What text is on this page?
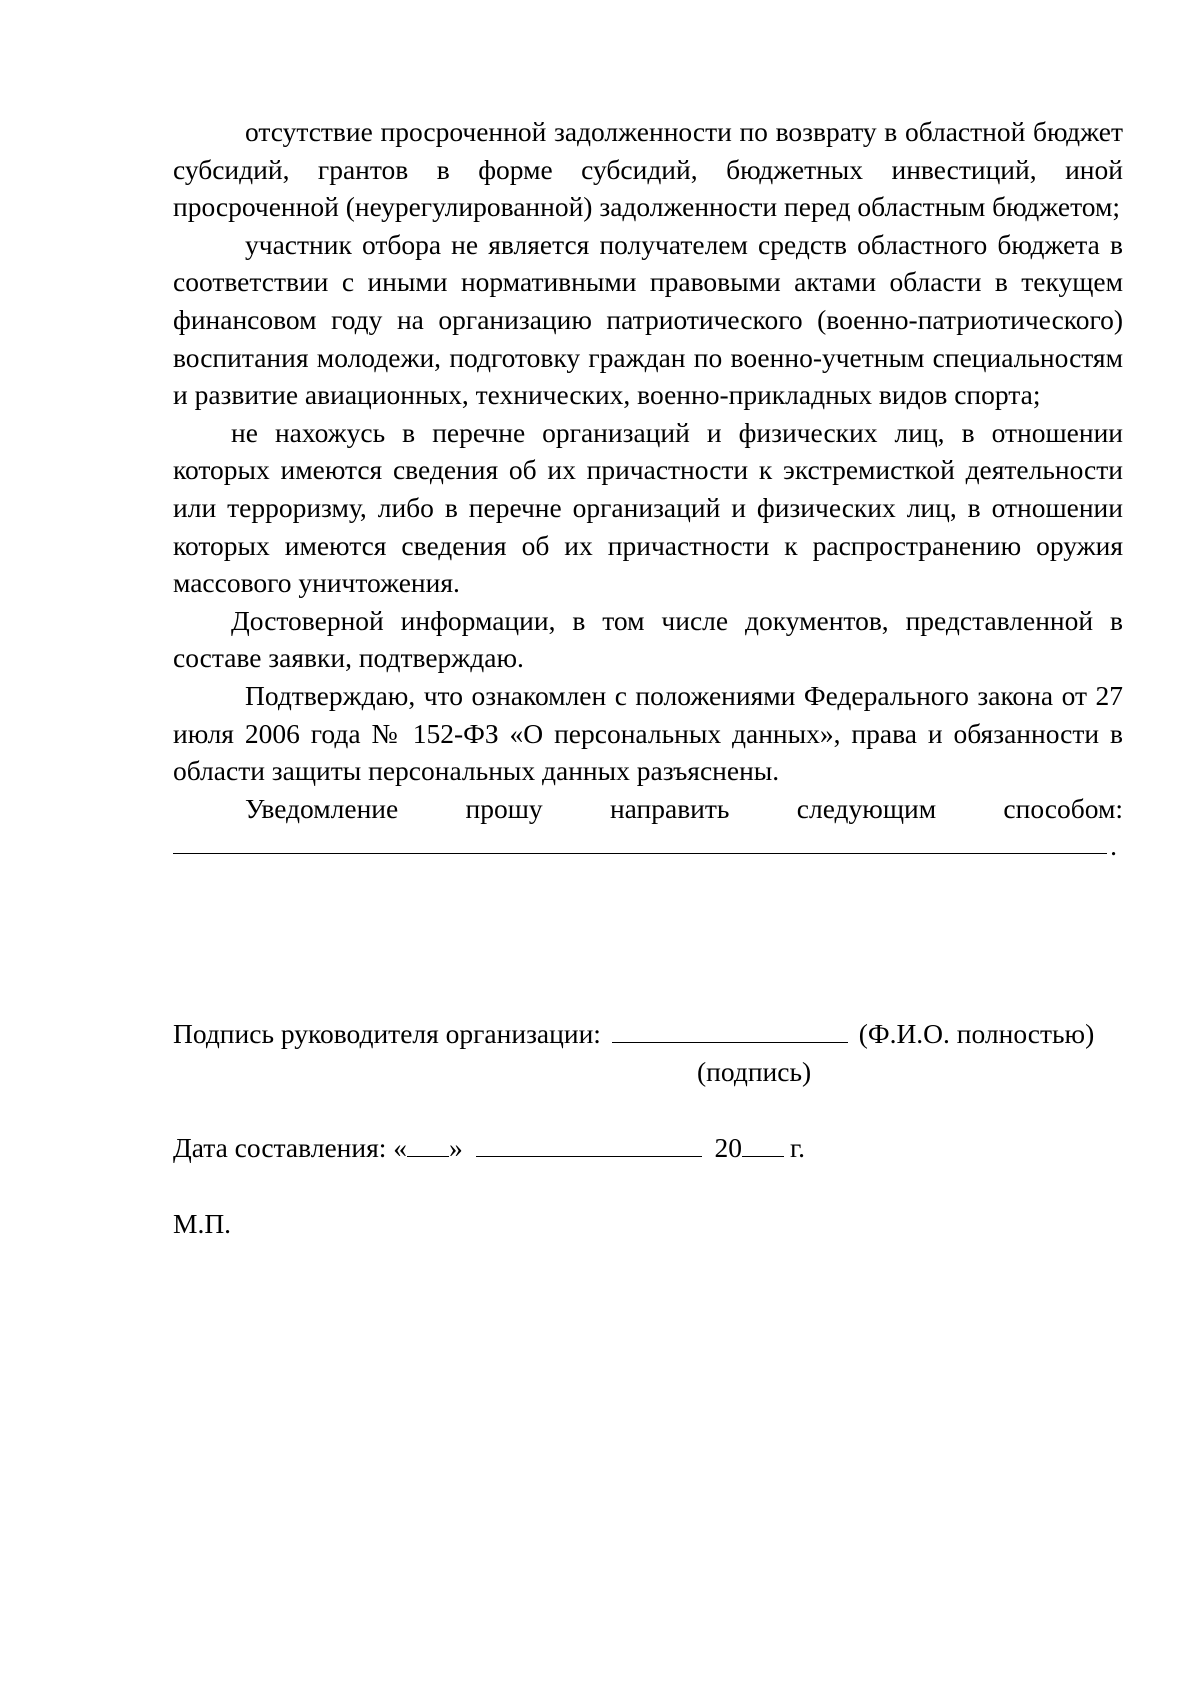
отсутствие просроченной задолженности по возврату в областной бюджет субсидий, грантов в форме субсидий, бюджетных инвестиций, иной просроченной (неурегулированной) задолженности перед областным бюджетом;

участник отбора не является получателем средств областного бюджета в соответствии с иными нормативными правовыми актами области в текущем финансовом году на организацию патриотического (военно-патриотического) воспитания молодежи, подготовку граждан по военно-учетным специальностям и развитие авиационных, технических, военно-прикладных видов спорта;

не нахожусь в перечне организаций и физических лиц, в отношении которых имеются сведения об их причастности к экстремисткой деятельности или терроризму, либо в перечне организаций и физических лиц, в отношении которых имеются сведения об их причастности к распространению оружия массового уничтожения.

Достоверной информации, в том числе документов, представленной в составе заявки, подтверждаю.

Подтверждаю, что ознакомлен с положениями Федерального закона от 27 июля 2006 года № 152-ФЗ «О персональных данных», права и обязанности в области защиты персональных данных разъяснены.

Уведомление прошу направить следующим способом:

.
Подпись руководителя организации:	(Ф.И.О. полностью)
(подпись)
Дата составления: « »	20 г.
М.П.
